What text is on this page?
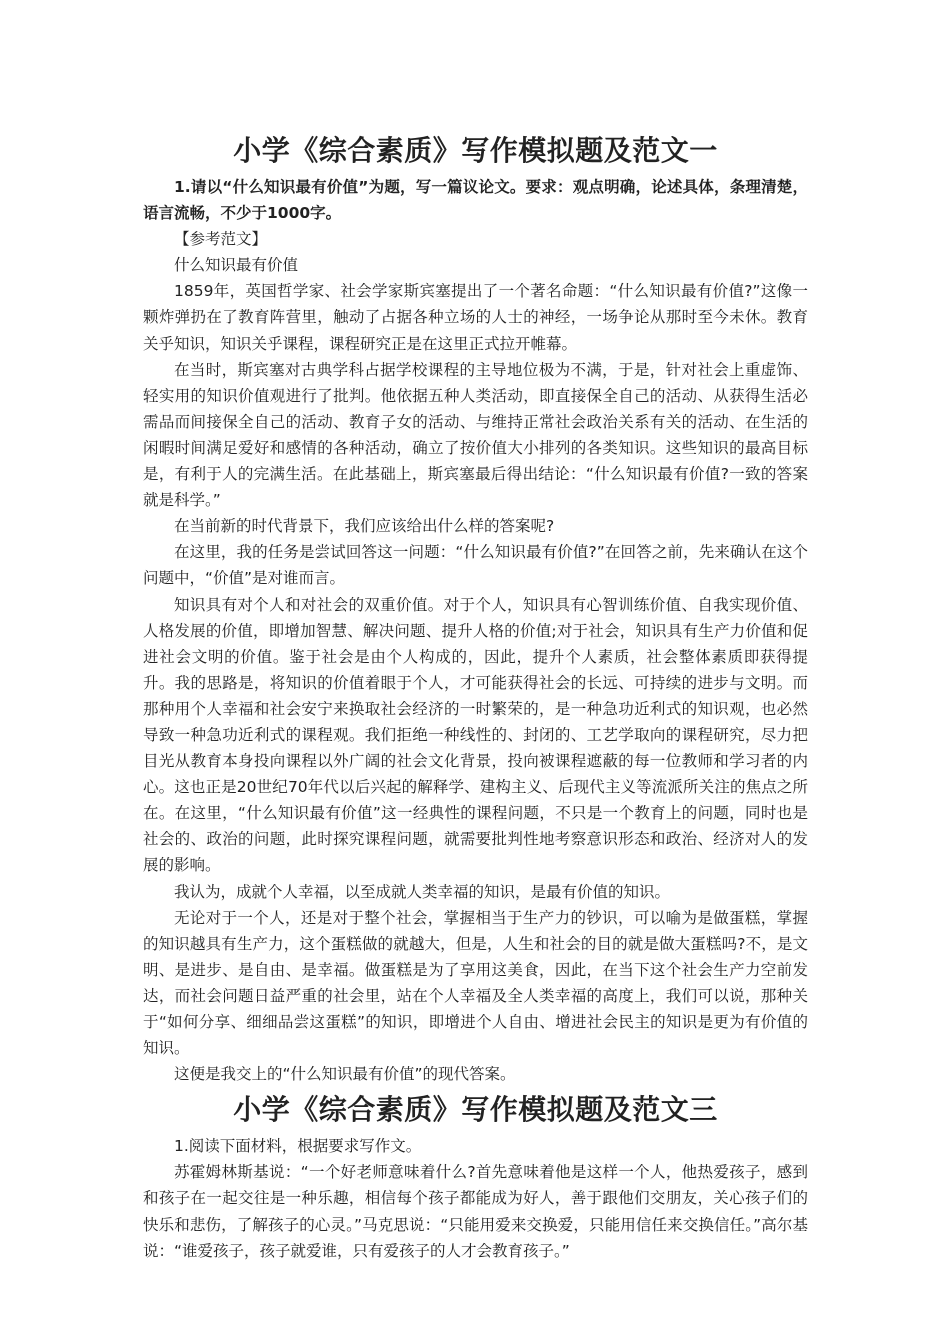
小学《综合素质》写作模拟题及范文一

1.请以“什么知识最有价值”为题，写一篇议论文。要求：观点明确，论述具体，条理清楚，语言流畅，不少于1000字。

【参考范文】

什么知识最有价值

1859年，英国哲学家、社会学家斯宾塞提出了一个著名命题：“什么知识最有价值?”这像一颗炸弹扔在了教育阵营里，触动了占据各种立场的人士的神经，一场争论从那时至今未休。教育关乎知识，知识关乎课程，课程研究正是在这里正式拉开帷幕。

在当时，斯宾塞对古典学科占据学校课程的主导地位极为不满，于是，针对社会上重虚饰、轻实用的知识价值观进行了批判。他依据五种人类活动，即直接保全自己的活动、从获得生活必需品而间接保全自己的活动、教育子女的活动、与维持正常社会政治关系有关的活动、在生活的闲暇时间满足爱好和感情的各种活动，确立了按价值大小排列的各类知识。这些知识的最高目标是，有利于人的完满生活。在此基础上，斯宾塞最后得出结论：“什么知识最有价值?一致的答案就是科学。”

在当前新的时代背景下，我们应该给出什么样的答案呢?

在这里，我的任务是尝试回答这一问题：“什么知识最有价值?”在回答之前，先来确认在这个问题中，“价值”是对谁而言。

知识具有对个人和对社会的双重价值。对于个人，知识具有心智训练价值、自我实现价值、人格发展的价值，即增加智慧、解决问题、提升人格的价值;对于社会，知识具有生产力价值和促进社会文明的价值。鉴于社会是由个人构成的，因此，提升个人素质，社会整体素质即获得提升。我的思路是，将知识的价值着眼于个人，才可能获得社会的长远、可持续的进步与文明。而那种用个人幸福和社会安宁来换取社会经济的一时繁荣的，是一种急功近利式的知识观，也必然导致一种急功近利式的课程观。我们拒绝一种线性的、封闭的、工艺学取向的课程研究，尽力把目光从教育本身投向课程以外广阔的社会文化背景，投向被课程遮蔽的每一位教师和学习者的内心。这也正是20世纪70年代以后兴起的解释学、建构主义、后现代主义等流派所关注的焦点之所在。在这里，“什么知识最有价值”这一经典性的课程问题，不只是一个教育上的问题，同时也是社会的、政治的问题，此时探究课程问题，就需要批判性地考察意识形态和政治、经济对人的发展的影响。

我认为，成就个人幸福，以至成就人类幸福的知识，是最有价值的知识。

无论对于一个人，还是对于整个社会，掌握相当于生产力的钞识，可以喻为是做蛋糕，掌握的知识越具有生产力，这个蛋糕做的就越大，但是，人生和社会的目的就是做大蛋糕吗?不，是文明、是进步、是自由、是幸福。做蛋糕是为了享用这美食，因此，在当下这个社会生产力空前发达，而社会问题日益严重的社会里，站在个人幸福及全人类幸福的高度上，我们可以说，那种关于“如何分享、细细品尝这蛋糕”的知识，即增进个人自由、增进社会民主的知识是更为有价值的知识。

这便是我交上的“什么知识最有价值”的现代答案。

小学《综合素质》写作模拟题及范文三

1.阅读下面材料，根据要求写作文。

苏霍姆林斯基说：“一个好老师意味着什么?首先意味着他是这样一个人，他热爱孩子，感到和孩子在一起交往是一种乐趣，相信每个孩子都能成为好人，善于跟他们交朋友，关心孩子们的快乐和悲伤，了解孩子的心灵。”马克思说：“只能用爱来交换爱，只能用信任来交换信任。”高尔基说：“谁爱孩子，孩子就爱谁，只有爱孩子的人才会教育孩子。”
